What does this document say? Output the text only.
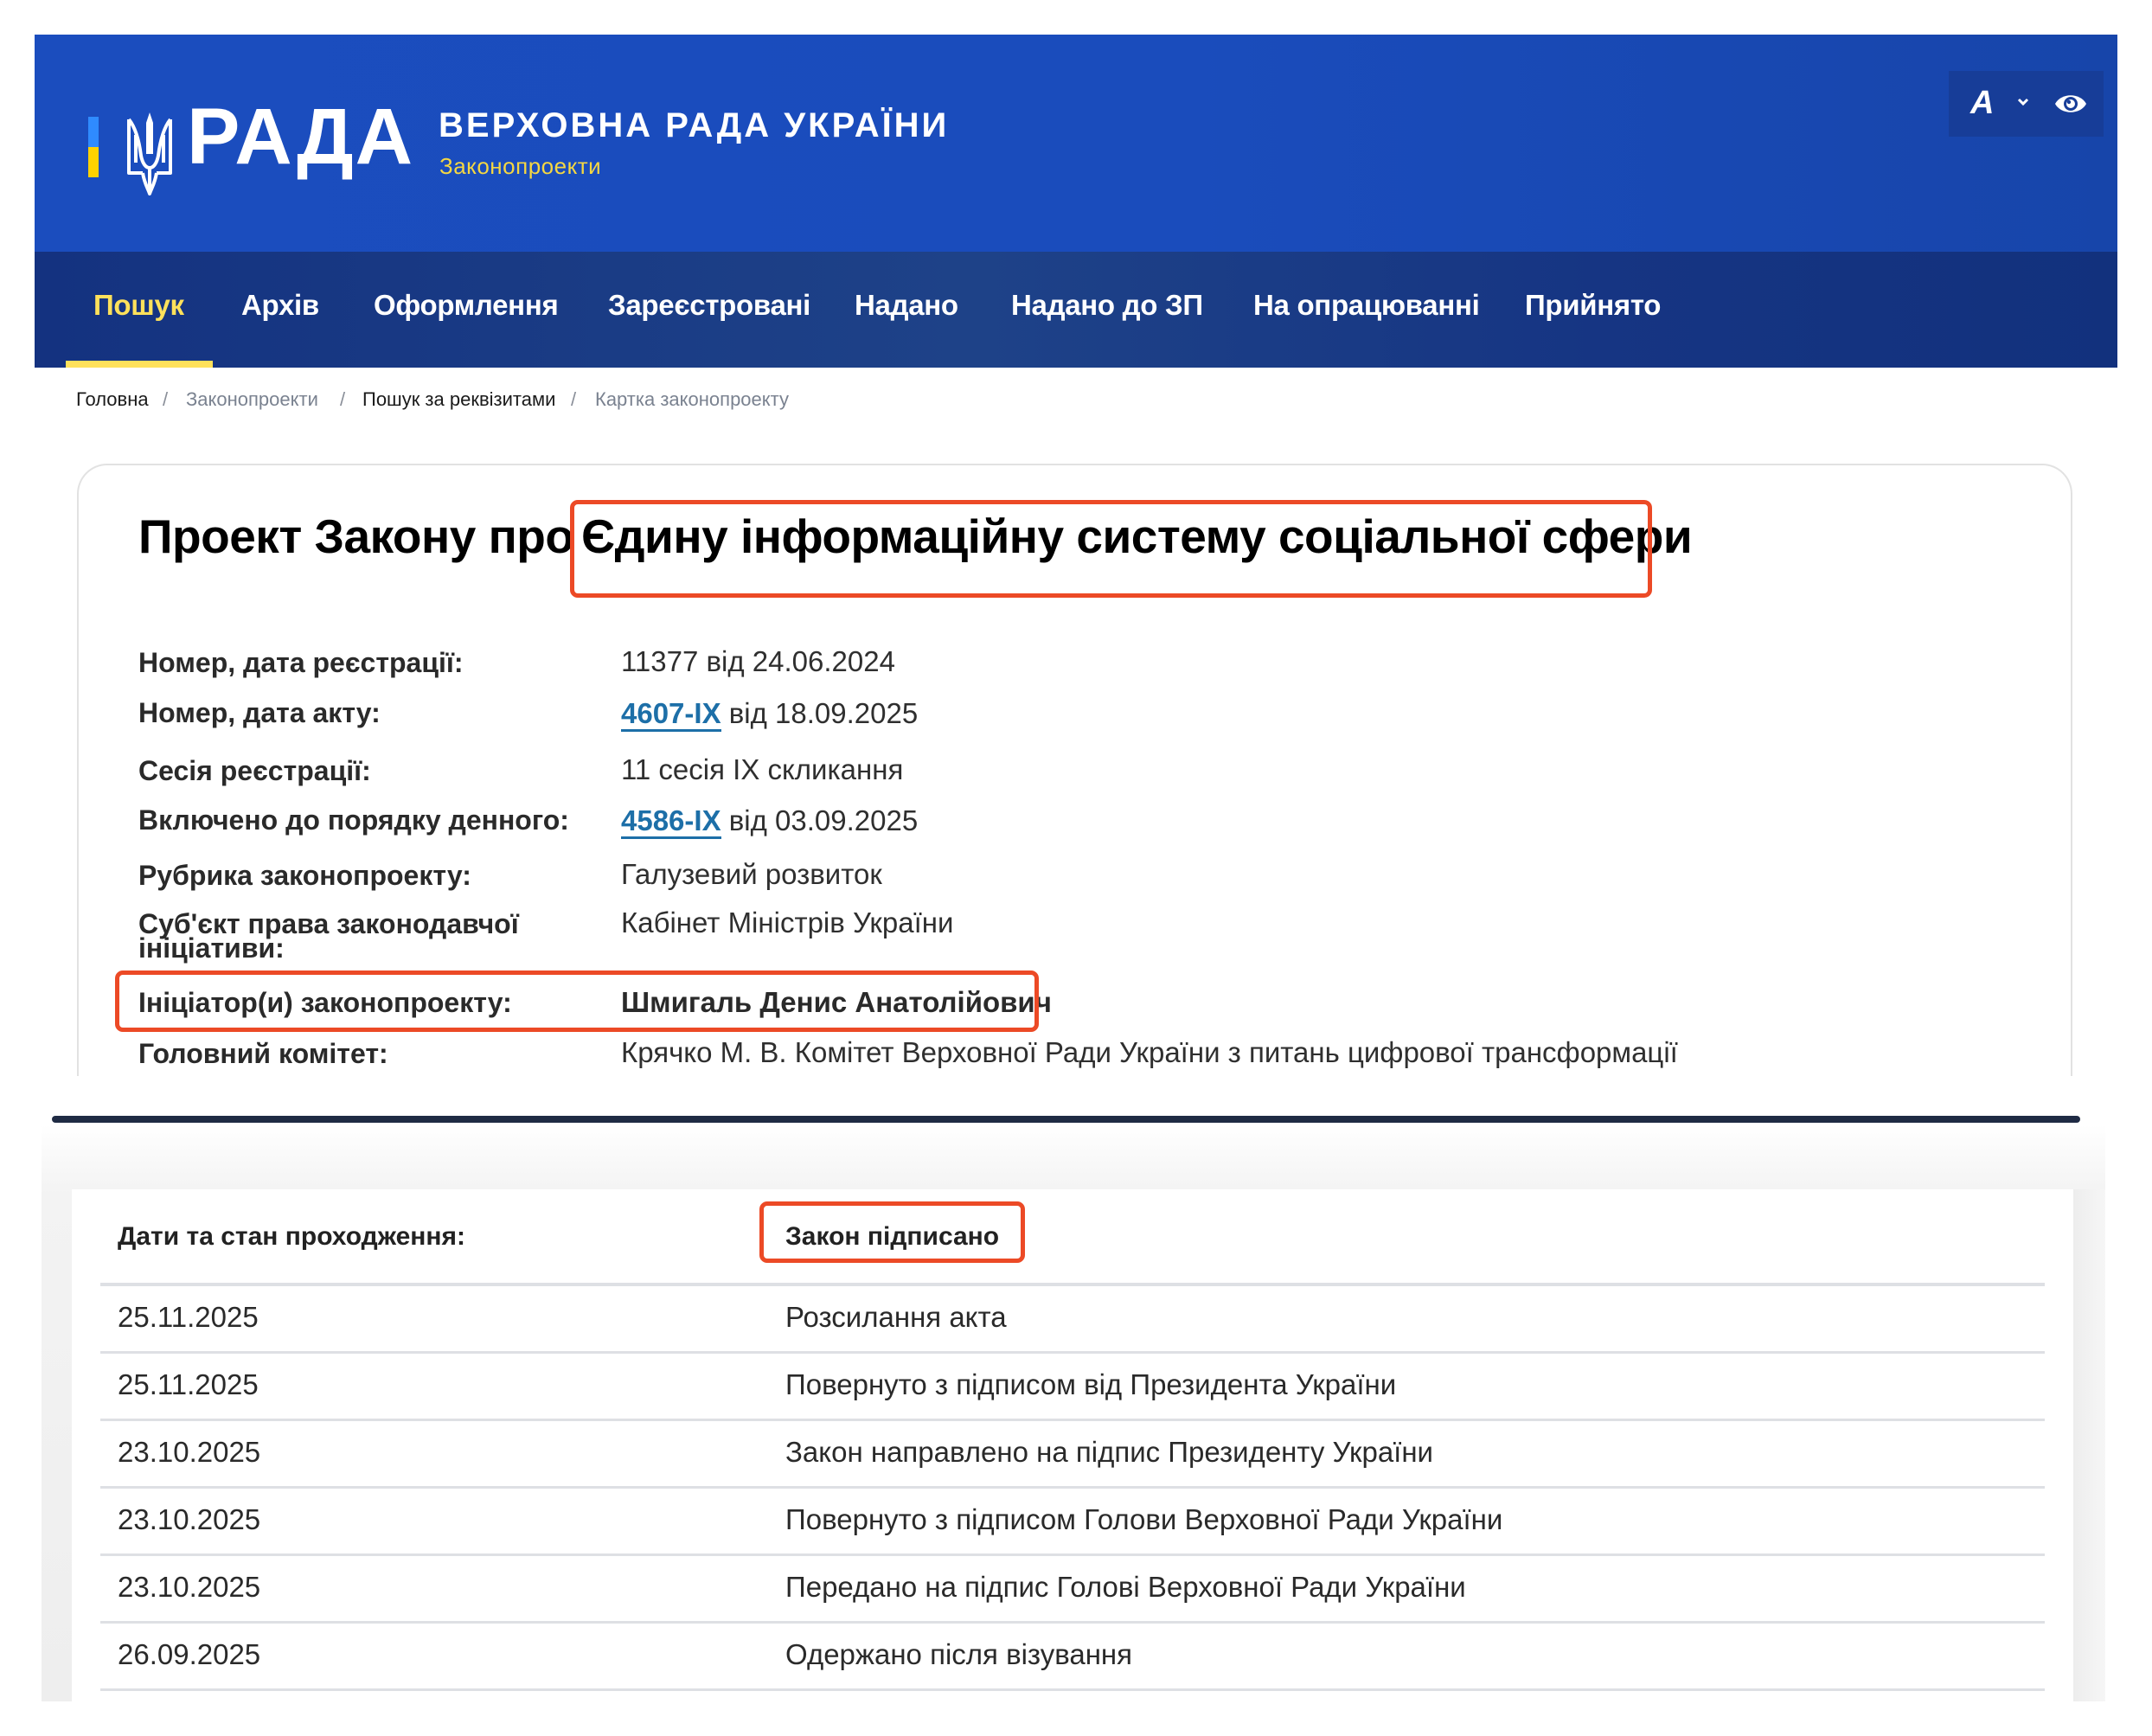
РАДА ВЕРХОВНА РАДА УКРАЇНИ
Законопроекти
A
Пошук Архів Оформлення Зареєстровані Надано Надано до ЗП На опрацюванні Прийнято
Головна / Законопроекти / Пошук за реквізитами / Картка законопроекту
Проект Закону про Єдину інформаційну систему соціальної сфери
Номер, дата реєстрації:	11377 від 24.06.2024
Номер, дата акту:	4607-IX від 18.09.2025
Сесія реєстрації:	11 сесія IX скликання
Включено до порядку денного: 4586-IX від 03.09.2025
Рубрика законопроекту:	Галузевий розвиток
Суб'єкт права законодавчої
ініціативи:
Кабінет Міністрів України
Ініціатор(и) законопроекту:	Шмигаль Денис Анатолійович
Головний комітет:	Крячко М. В. Комітет Верховної Ради України з питань цифрової трансформації
Дати та стан проходження:	Закон підписано
25.11.2025	Розсилання акта
25.11.2025	Повернуто з підписом від Президента України
23.10.2025	Закон направлено на підпис Президенту України
23.10.2025	Повернуто з підписом Голови Верховної Ради України
23.10.2025	Передано на підпис Голові Верховної Ради України
26.09.2025	Одержано після візування
